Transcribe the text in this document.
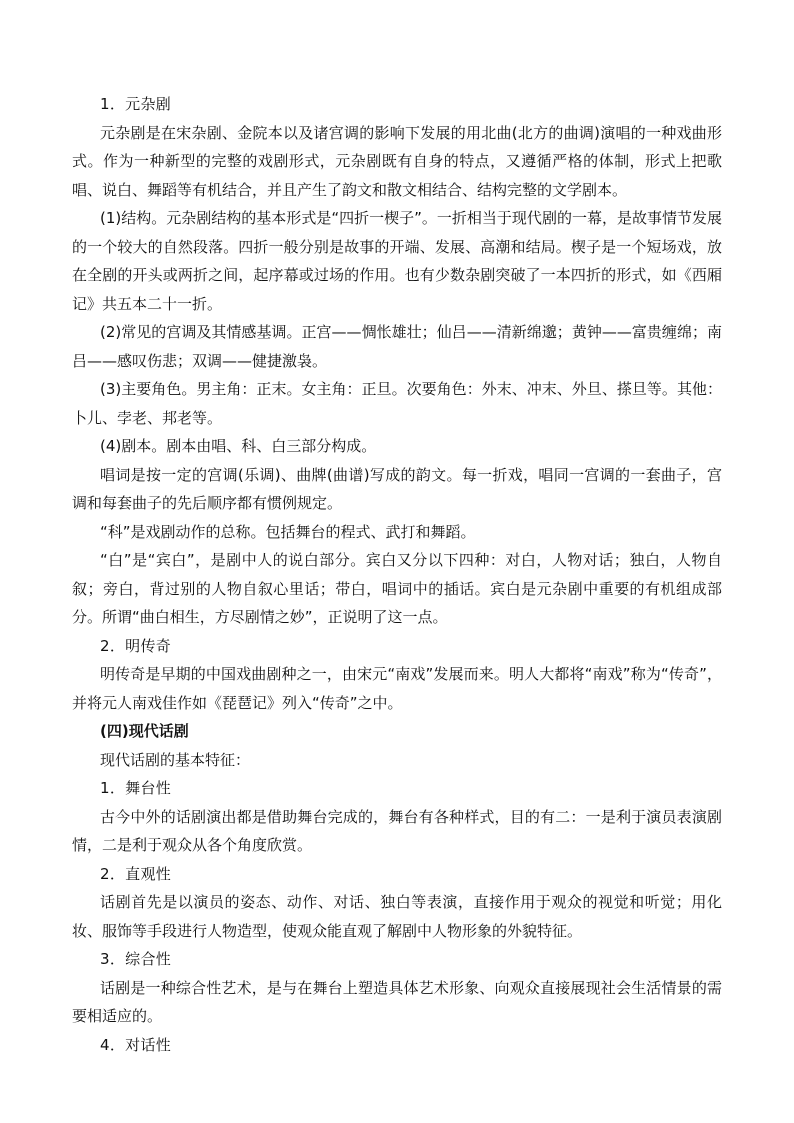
1．元杂剧

元杂剧是在宋杂剧、金院本以及诸宫调的影响下发展的用北曲(北方的曲调)演唱的一种戏曲形式。作为一种新型的完整的戏剧形式，元杂剧既有自身的特点，又遵循严格的体制，形式上把歌唱、说白、舞蹈等有机结合，并且产生了韵文和散文相结合、结构完整的文学剧本。

(1)结构。元杂剧结构的基本形式是“四折一楔子”。一折相当于现代剧的一幕，是故事情节发展的一个较大的自然段落。四折一般分别是故事的开端、发展、高潮和结局。楔子是一个短场戏，放在全剧的开头或两折之间，起序幕或过场的作用。也有少数杂剧突破了一本四折的形式，如《西厢记》共五本二十一折。

(2)常见的宫调及其情感基调。正宫——惆怅雄壮；仙吕——清新绵邈；黄钟——富贵缠绵；南吕——感叹伤悲；双调——健捷激袅。

(3)主要角色。男主角：正末。女主角：正旦。次要角色：外末、冲末、外旦、搽旦等。其他：卜儿、孛老、邦老等。

(4)剧本。剧本由唱、科、白三部分构成。

唱词是按一定的宫调(乐调)、曲牌(曲谱)写成的韵文。每一折戏，唱同一宫调的一套曲子，宫调和每套曲子的先后顺序都有惯例规定。

“科”是戏剧动作的总称。包括舞台的程式、武打和舞蹈。

“白”是“宾白”，是剧中人的说白部分。宾白又分以下四种：对白，人物对话；独白，人物自叙；旁白，背过别的人物自叙心里话；带白，唱词中的插话。宾白是元杂剧中重要的有机组成部分。所谓“曲白相生，方尽剧情之妙”，正说明了这一点。

2．明传奇

明传奇是早期的中国戏曲剧种之一，由宋元“南戏”发展而来。明人大都将“南戏”称为“传奇”，并将元人南戏佳作如《琵琶记》列入“传奇”之中。

(四)现代话剧

现代话剧的基本特征：

1．舞台性

古今中外的话剧演出都是借助舞台完成的，舞台有各种样式，目的有二：一是利于演员表演剧情，二是利于观众从各个角度欣赏。

2．直观性

话剧首先是以演员的姿态、动作、对话、独白等表演，直接作用于观众的视觉和听觉；用化妆、服饰等手段进行人物造型，使观众能直观了解剧中人物形象的外貌特征。

3．综合性

话剧是一种综合性艺术，是与在舞台上塑造具体艺术形象、向观众直接展现社会生活情景的需要相适应的。

4．对话性
